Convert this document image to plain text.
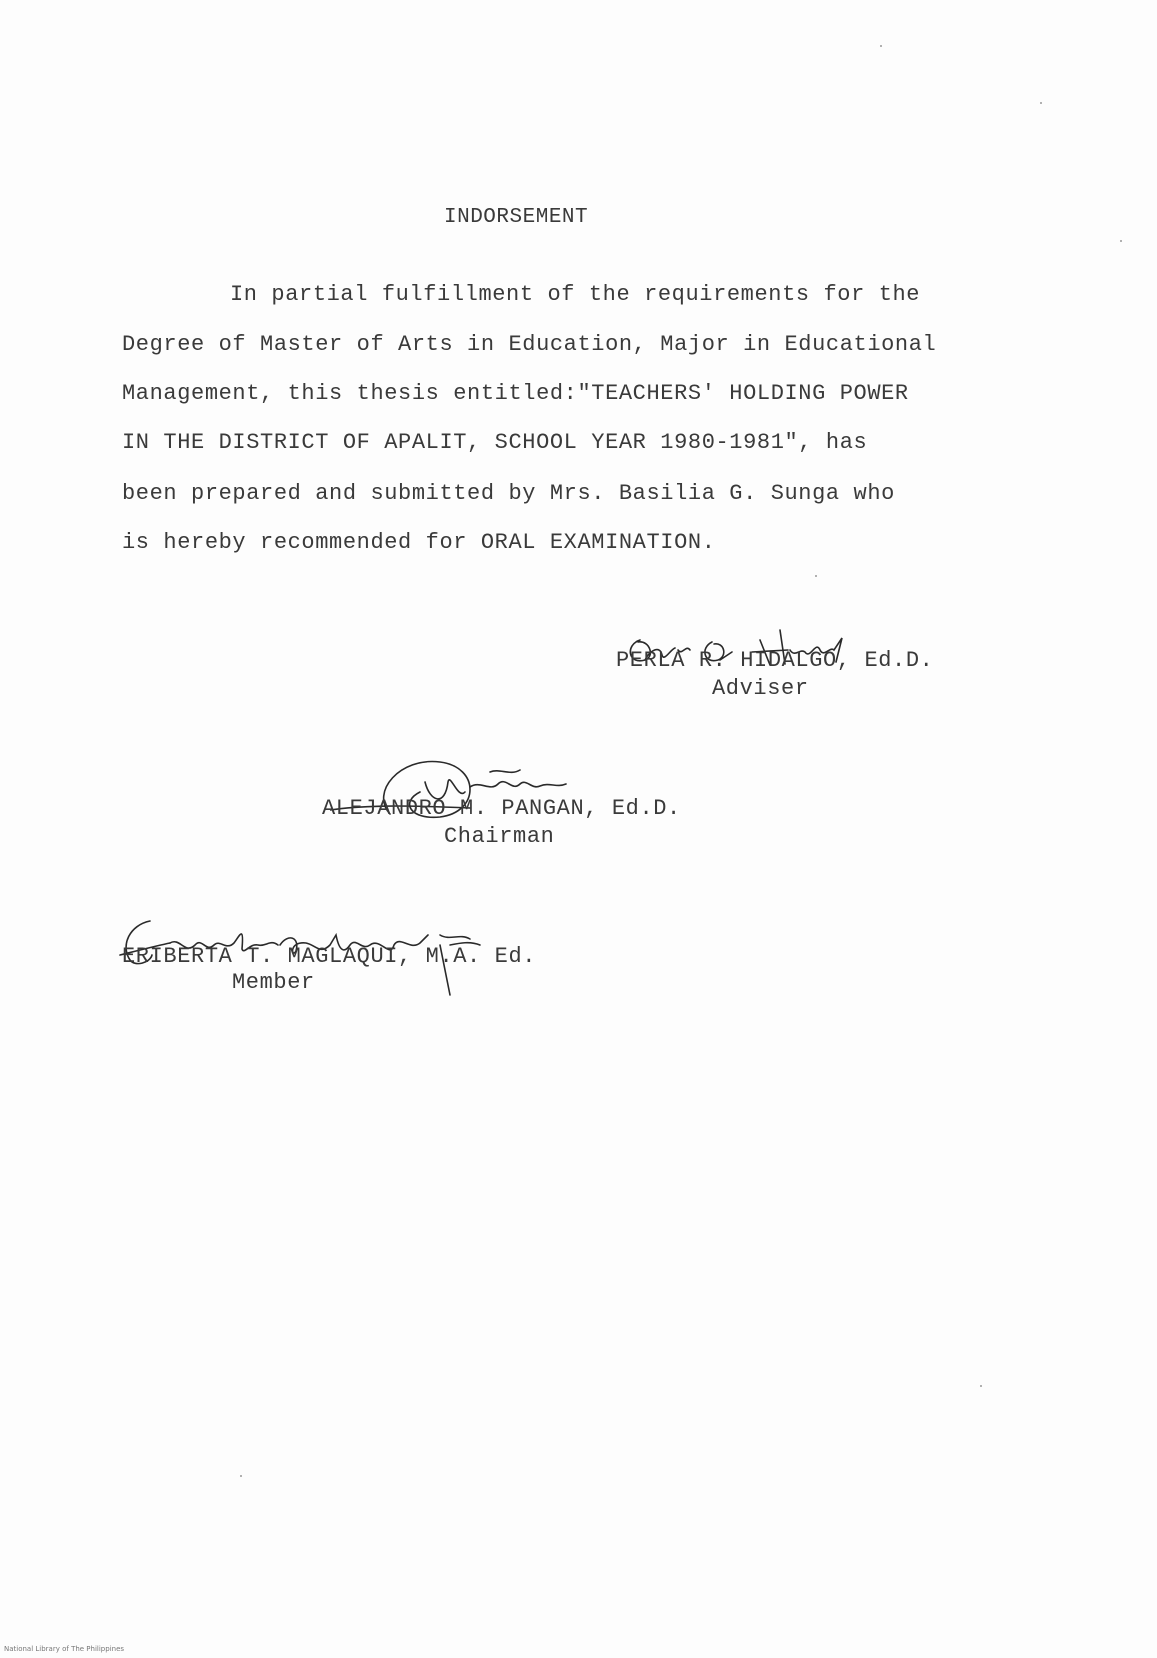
INDORSEMENT
In partial fulfillment of the requirements for the
Degree of Master of Arts in Education, Major in Educational
Management, this thesis entitled:"TEACHERS' HOLDING POWER
IN THE DISTRICT OF APALIT, SCHOOL YEAR 1980-1981", has
been prepared and submitted by Mrs. Basilia G. Sunga who
is hereby recommended for ORAL EXAMINATION.
PERLA R. HIDALGO, Ed.D.
Adviser
ALEJANDRO M. PANGAN, Ed.D.
Chairman
ERIBERTA T. MAGLAQUI, M.A. Ed.
Member
National Library of The Philippines
